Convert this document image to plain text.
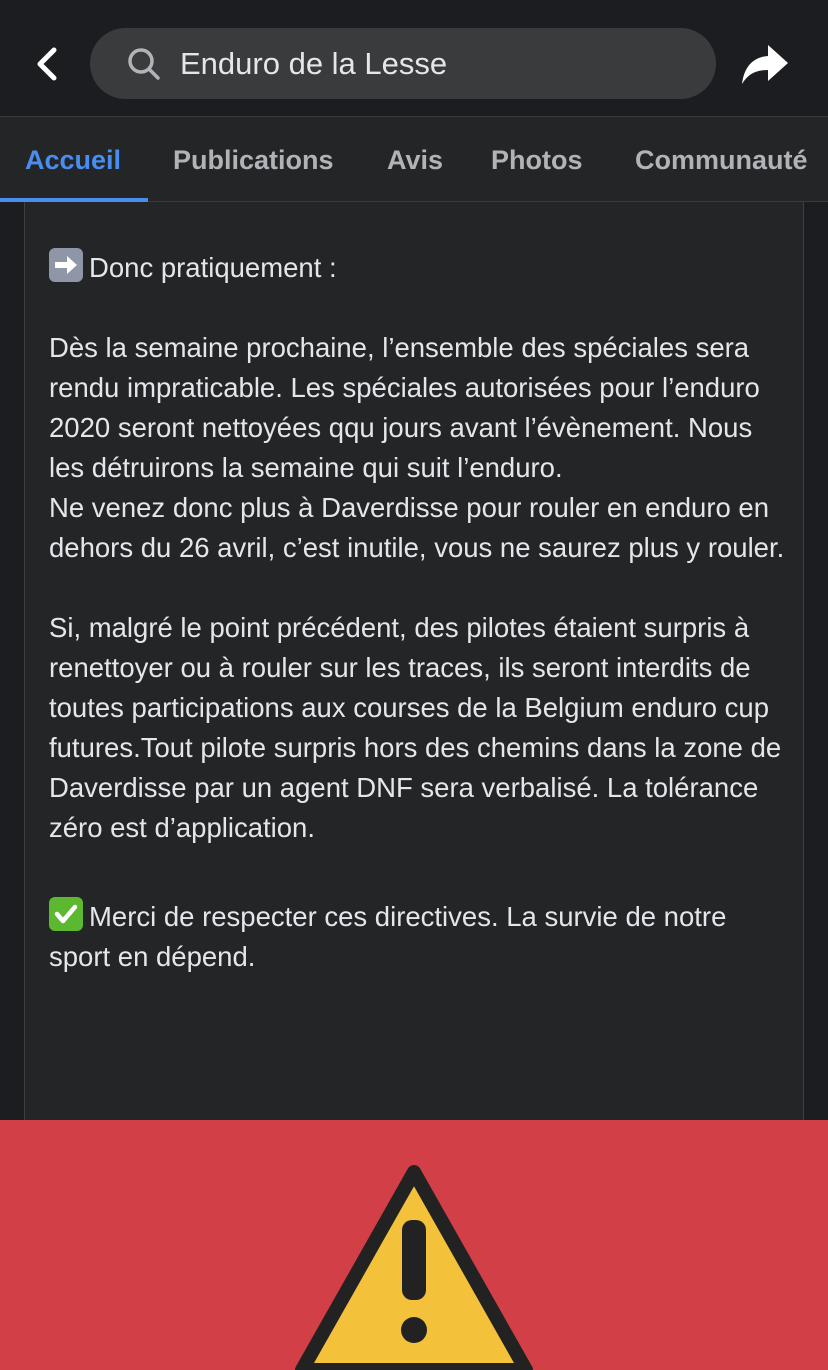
Enduro de la Lesse
Accueil Publications Avis Photos Communauté

Donc pratiquement :

Dès la semaine prochaine, l’ensemble des spéciales sera rendu impraticable. Les spéciales autorisées pour l’enduro 2020 seront nettoyées qqu jours avant l’évènement. Nous les détruirons la semaine qui suit l’enduro.

Ne venez donc plus à Daverdisse pour rouler en enduro en dehors du 26 avril, c’est inutile, vous ne saurez plus y rouler.

Si, malgré le point précédent, des pilotes étaient surpris à renettoyer ou à rouler sur les traces, ils seront interdits de toutes participations aux courses de la Belgium enduro cup futures.Tout pilote surpris hors des chemins dans la zone de Daverdisse par un agent DNF sera verbalisé. La tolérance zéro est d’application.

Merci de respecter ces directives. La survie de notre sport en dépend.
